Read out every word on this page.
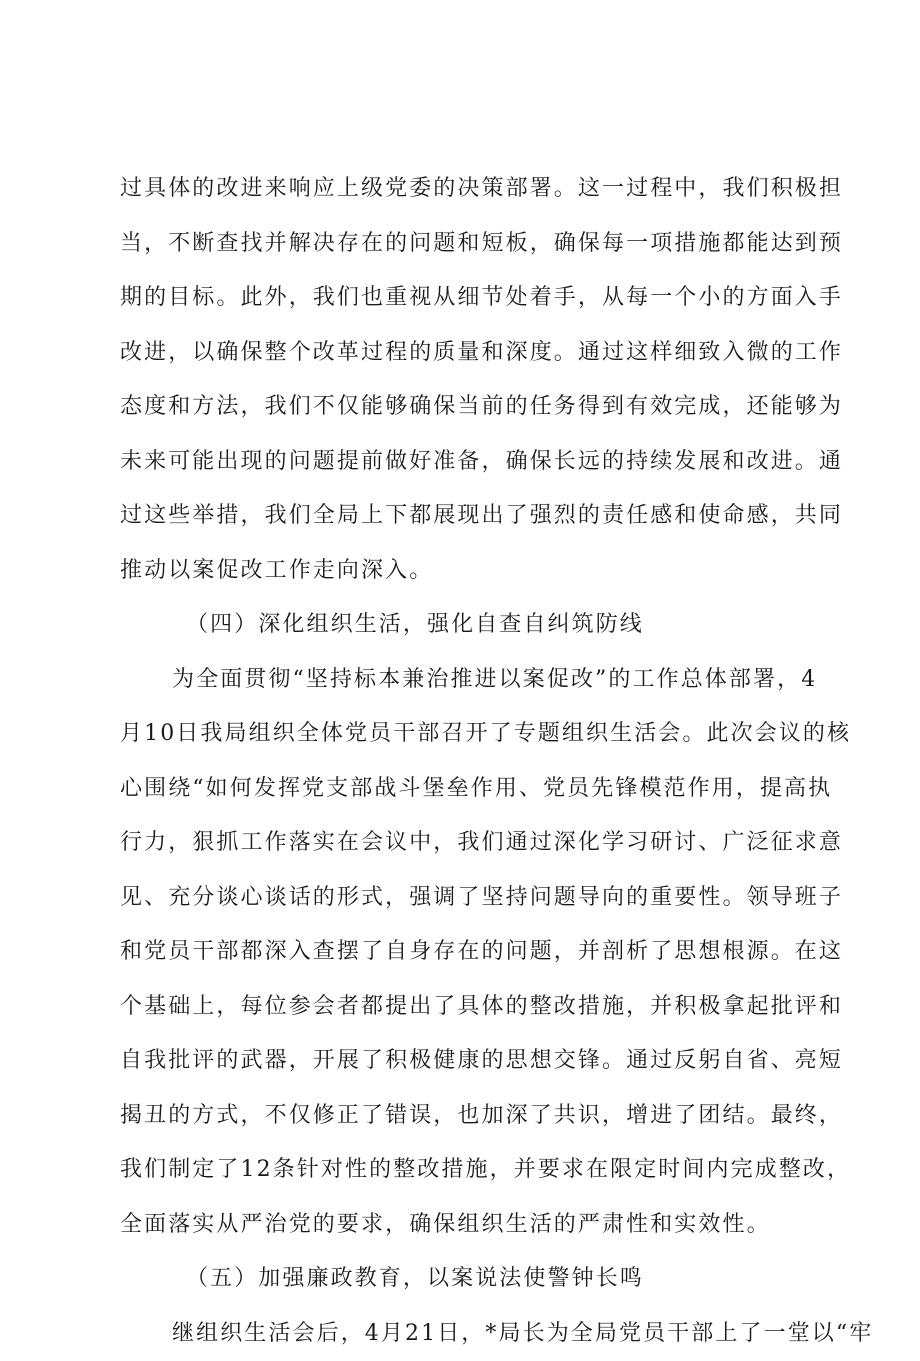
过具体的改进来响应上级党委的决策部署。这一过程中，我们积极担
当，不断查找并解决存在的问题和短板，确保每一项措施都能达到预
期的目标。此外，我们也重视从细节处着手，从每一个小的方面入手
改进，以确保整个改革过程的质量和深度。通过这样细致入微的工作
态度和方法，我们不仅能够确保当前的任务得到有效完成，还能够为
未来可能出现的问题提前做好准备，确保长远的持续发展和改进。通
过这些举措，我们全局上下都展现出了强烈的责任感和使命感，共同
推动以案促改工作走向深入。
（四）深化组织生活，强化自查自纠筑防线
为全面贯彻“坚持标本兼治推进以案促改”的工作总体部署，4
月10日我局组织全体党员干部召开了专题组织生活会。此次会议的核
心围绕“如何发挥党支部战斗堡垒作用、党员先锋模范作用，提高执
行力，狠抓工作落实在会议中，我们通过深化学习研讨、广泛征求意
见、充分谈心谈话的形式，强调了坚持问题导向的重要性。领导班子
和党员干部都深入查摆了自身存在的问题，并剖析了思想根源。在这
个基础上，每位参会者都提出了具体的整改措施，并积极拿起批评和
自我批评的武器，开展了积极健康的思想交锋。通过反躬自省、亮短
揭丑的方式，不仅修正了错误，也加深了共识，增进了团结。最终，
我们制定了12条针对性的整改措施，并要求在限定时间内完成整改，
全面落实从严治党的要求，确保组织生活的严肃性和实效性。
（五）加强廉政教育，以案说法使警钟长鸣
继组织生活会后，4月21日，*局长为全局党员干部上了一堂以“牢
